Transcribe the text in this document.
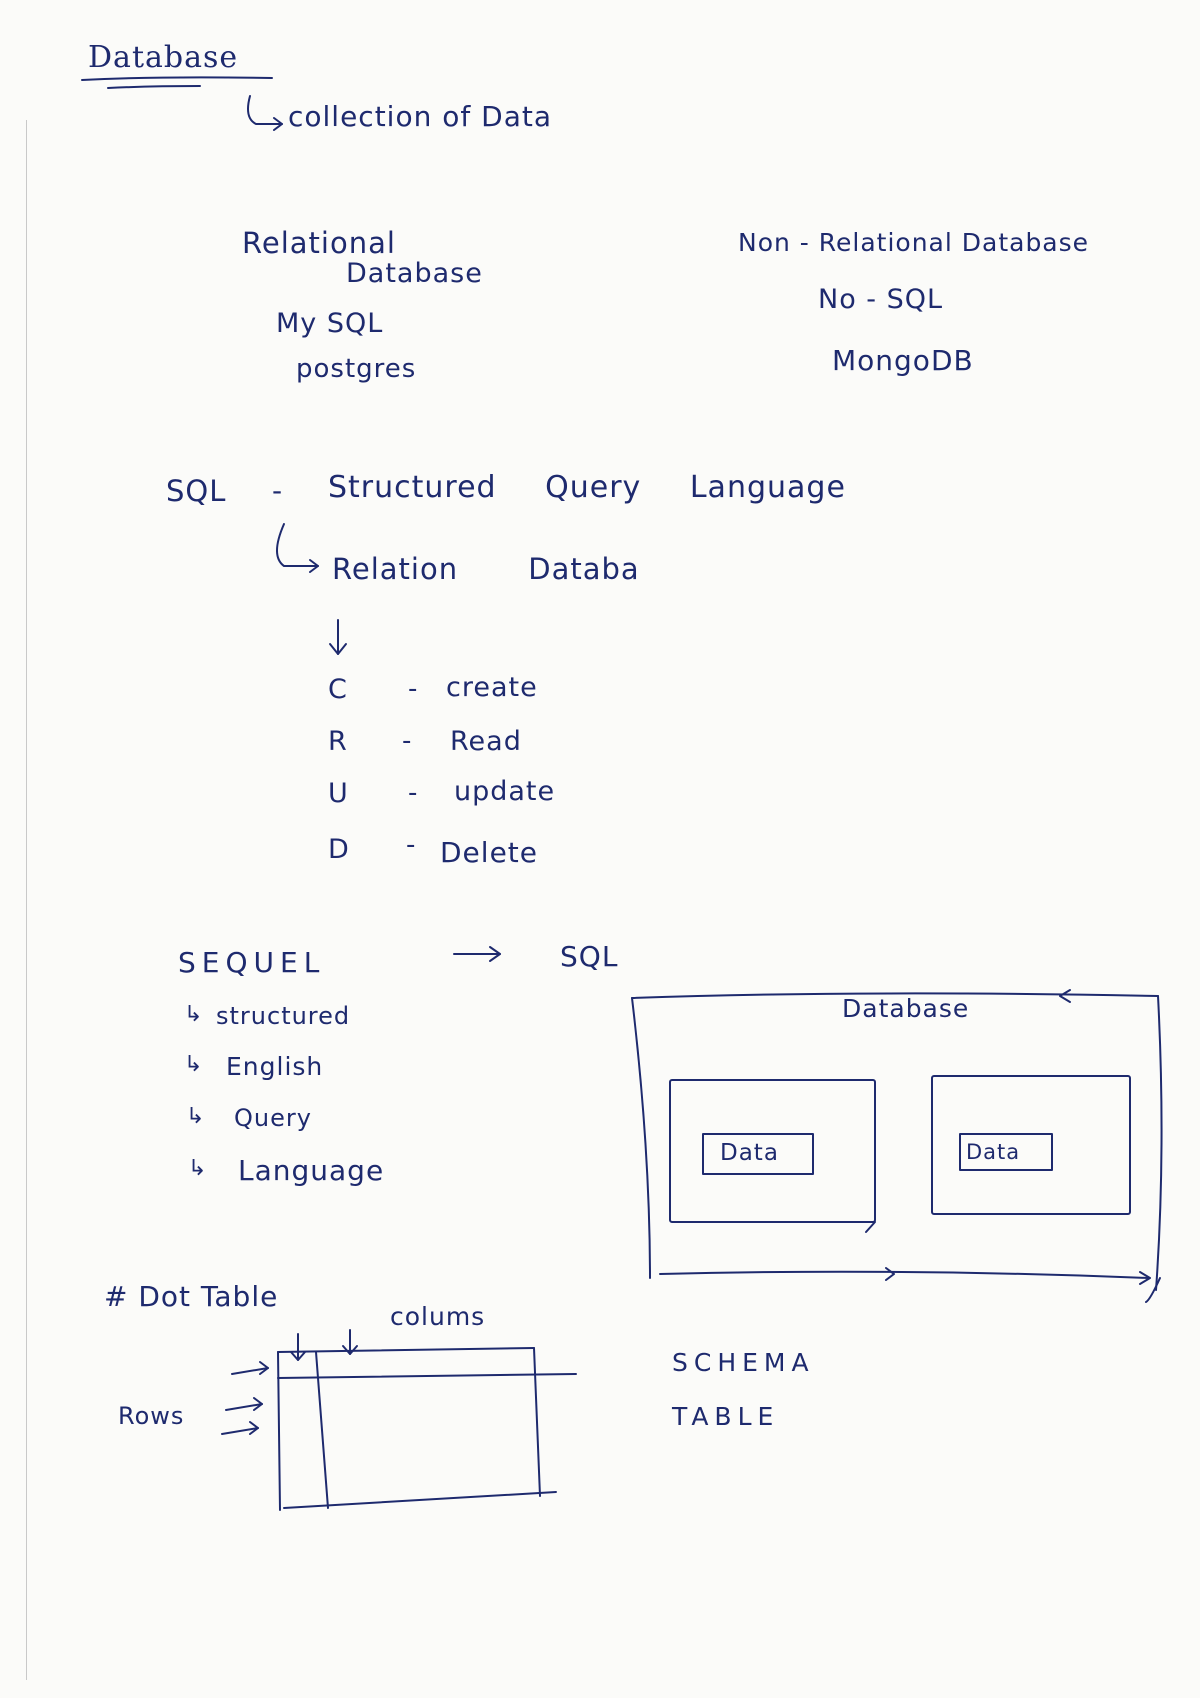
Database
collection of Data
Relational
Database
My SQL
postgres
Non - Relational Database
No - SQL
MongoDB
SQL - Structured Query Language
Relation Databa
C - create
R - Read
U - update
D - Delete
SEQUEL	SQL
↳ structured
↳ English
↳ Query
↳ Language
Database
Data	Data
# Dot Table
colums
Rows
SCHEMA
TABLE
